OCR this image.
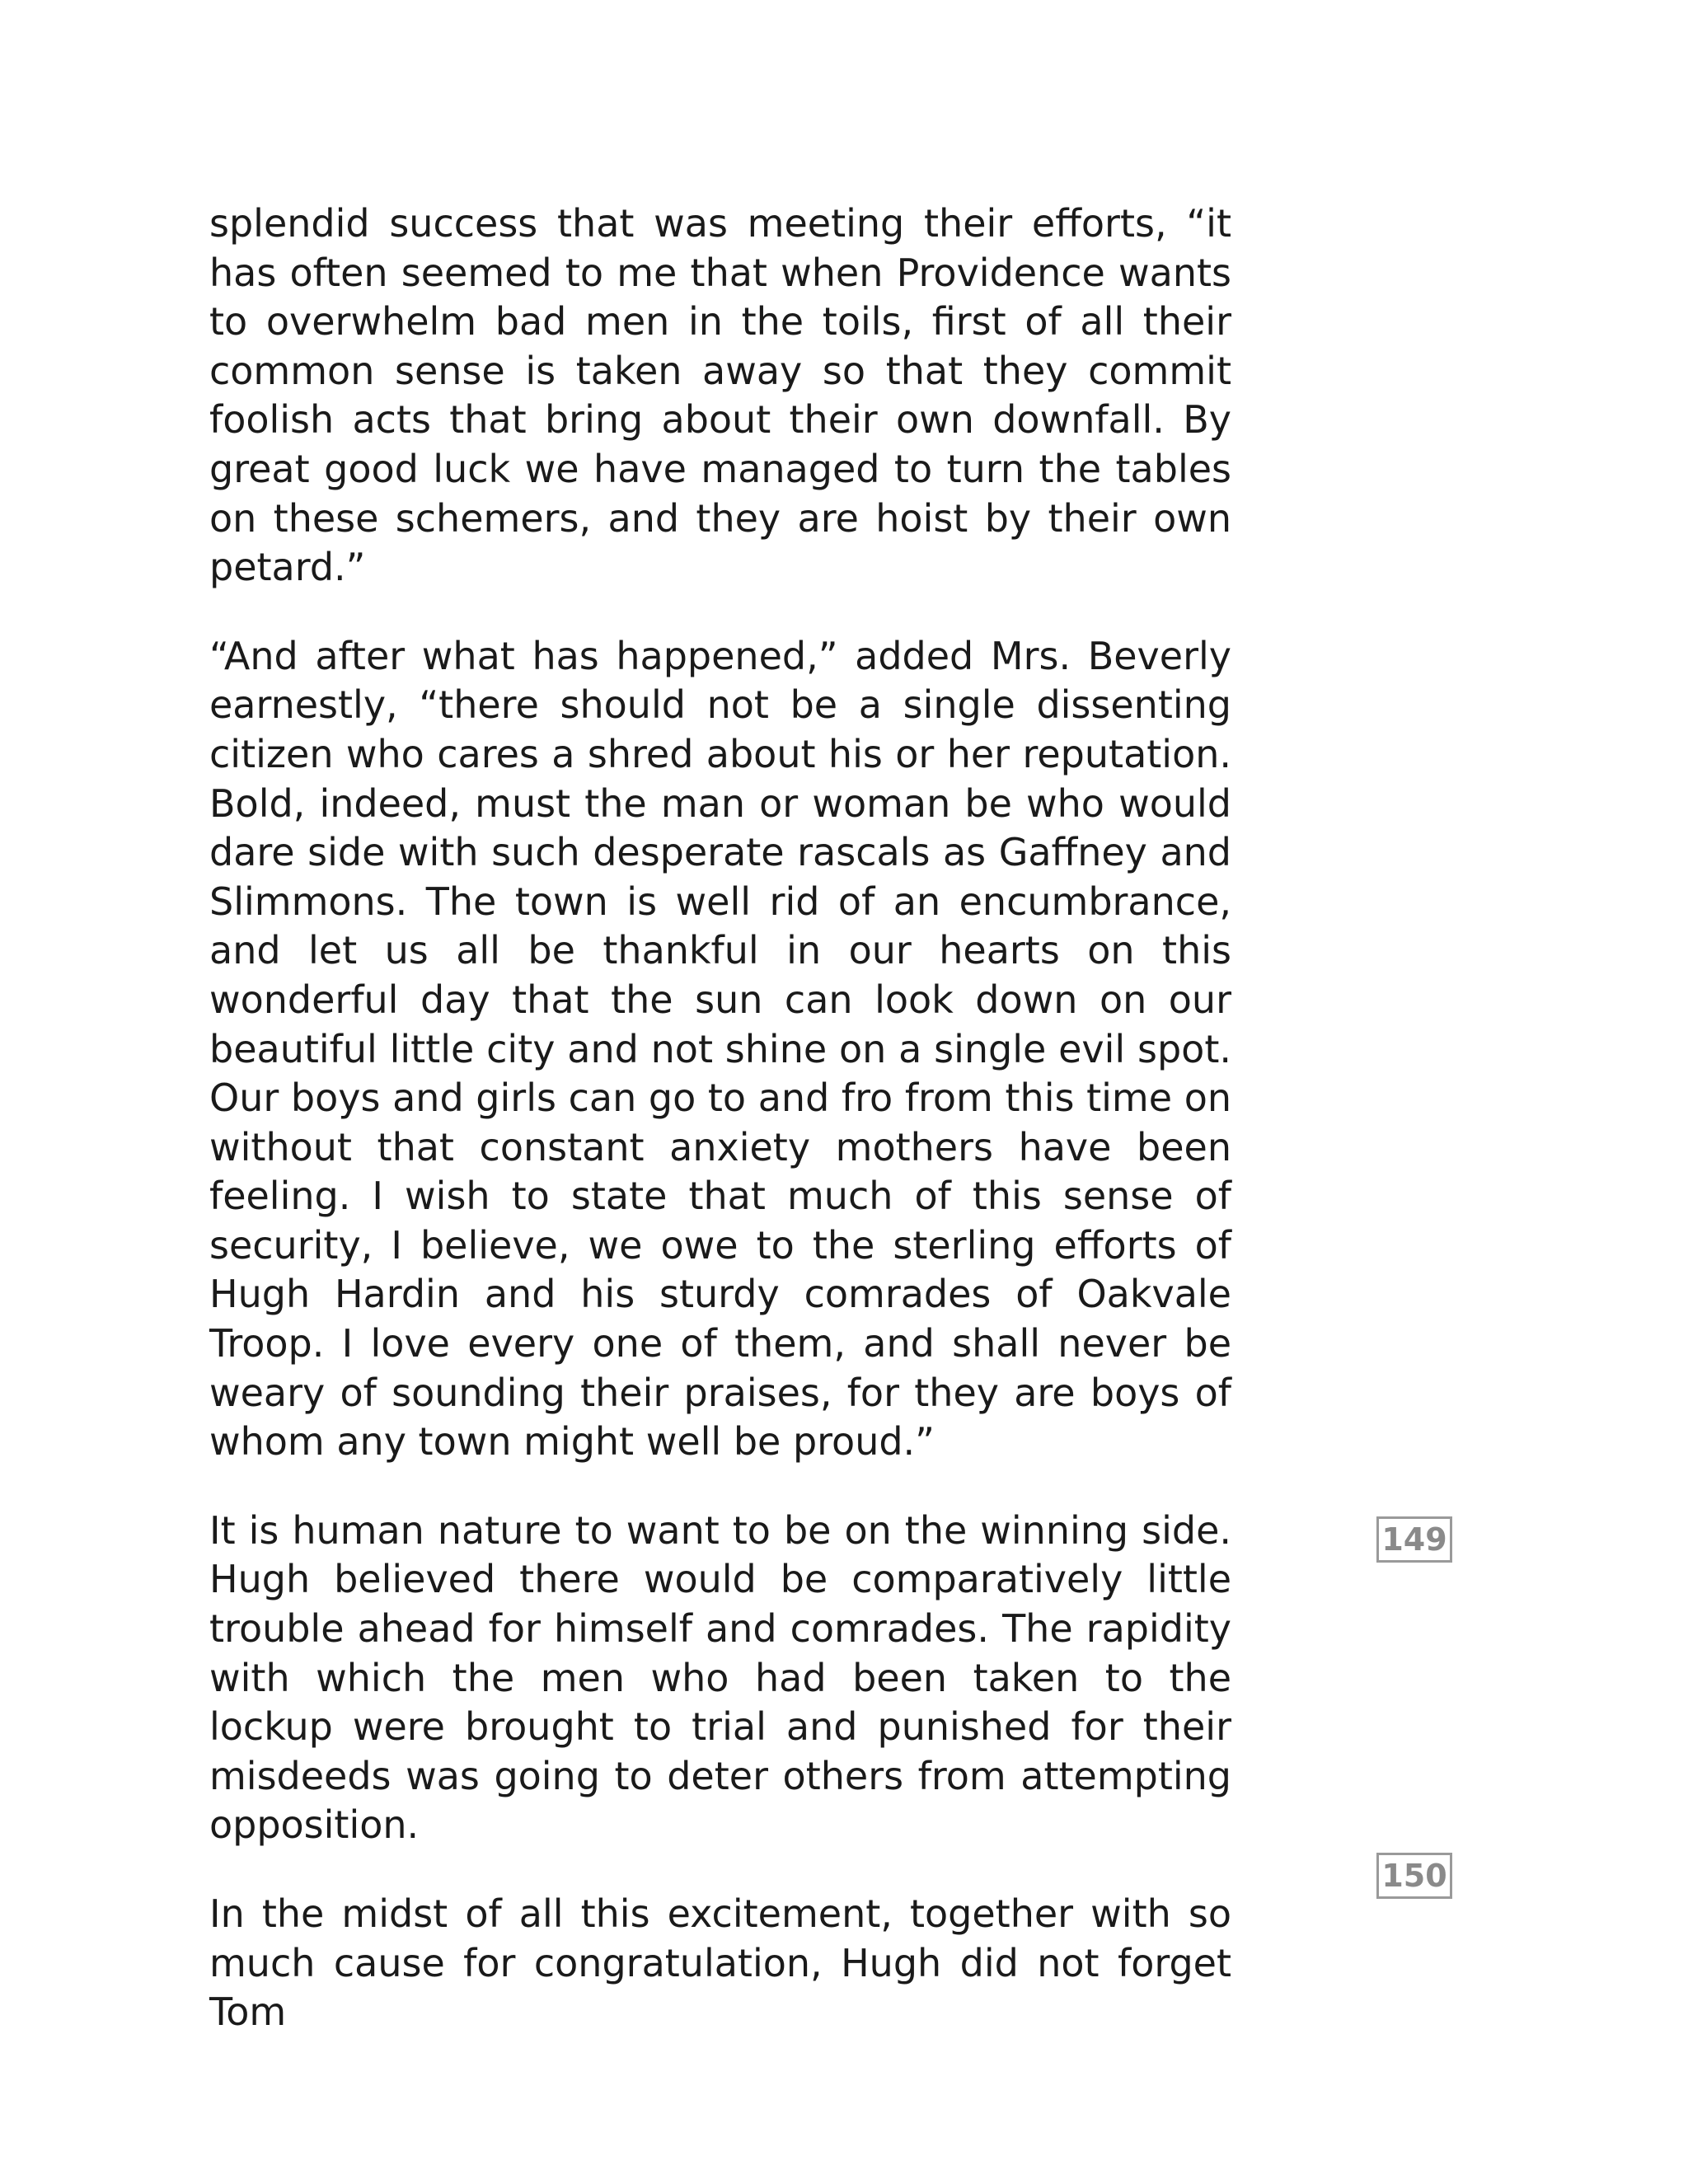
splendid success that was meeting their efforts, “it has often seemed to me that when Providence wants to overwhelm bad men in the toils, first of all their common sense is taken away so that they commit foolish acts that bring about their own downfall. By great good luck we have managed to turn the tables on these schemers, and they are hoist by their own petard.”

“And after what has happened,” added Mrs. Beverly earnestly, “there should not be a single dissenting citizen who cares a shred about his or her reputation. Bold, indeed, must the man or woman be who would dare side with such desperate rascals as Gaffney and Slimmons. The town is well rid of an encumbrance, and let us all be thankful in our hearts on this wonderful day that the sun can look down on our beautiful little city and not shine on a single evil spot. Our boys and girls can go to and fro from this time on without that constant anxiety mothers have been feeling. I wish to state that much of this sense of security, I believe, we owe to the sterling efforts of Hugh Hardin and his sturdy comrades of Oakvale Troop. I love every one of them, and shall never be weary of sounding their praises, for they are boys of whom any town might well be proud.”

It is human nature to want to be on the winning side. Hugh believed there would be comparatively little trouble ahead for himself and comrades. The rapidity with which the men who had been taken to the lockup were brought to trial and punished for their misdeeds was going to deter others from attempting opposition.

In the midst of all this excitement, together with so much cause for congratulation, Hugh did not forget Tom

149
150
